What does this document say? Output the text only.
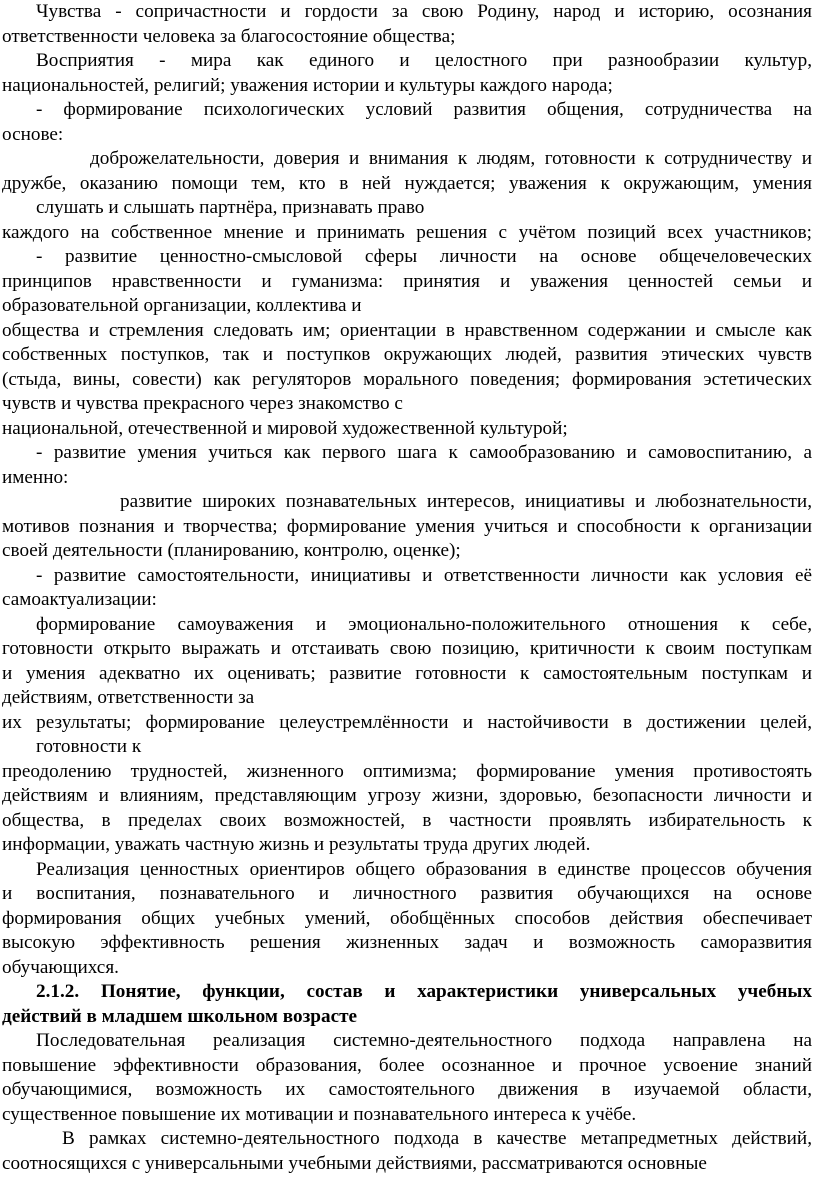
Чувства - сопричастности и гордости за свою Родину, народ и историю, осознания

ответственности человека за благосостояние общества;

Восприятия - мира как единого и целостного при разнообразии культур,

национальностей, религий; уважения истории и культуры каждого народа;

- формирование психологических условий развития общения, сотрудничества на

основе:

доброжелательности, доверия и внимания к людям, готовности к сотрудничеству и

дружбе, оказанию помощи тем, кто в ней нуждается; уважения к окружающим, умения

слушать и слышать партнёра, признавать право

каждого на собственное мнение и принимать решения с учётом позиций всех участников;

- развитие ценностно-смысловой сферы личности на основе общечеловеческих

принципов нравственности и гуманизма: принятия и уважения ценностей семьи и

образовательной организации, коллектива и

общества и стремления следовать им; ориентации в нравственном содержании и смысле как

собственных поступков, так и поступков окружающих людей, развития этических чувств

(стыда, вины, совести) как регуляторов морального поведения; формирования эстетических

чувств и чувства прекрасного через знакомство с

национальной, отечественной и мировой художественной культурой;

- развитие умения учиться как первого шага к самообразованию и самовоспитанию, а

именно:

развитие широких познавательных интересов, инициативы и любознательности,

мотивов познания и творчества; формирование умения учиться и способности к организации

своей деятельности (планированию, контролю, оценке);

- развитие самостоятельности, инициативы и ответственности личности как условия её

самоактуализации:

формирование самоуважения и эмоционально-положительного отношения к себе,

готовности открыто выражать и отстаивать свою позицию, критичности к своим поступкам

и умения адекватно их оценивать; развитие готовности к самостоятельным поступкам и

действиям, ответственности за

их результаты; формирование целеустремлённости и настойчивости в достижении целей,

готовности к

преодолению трудностей, жизненного оптимизма; формирование умения противостоять

действиям и влияниям, представляющим угрозу жизни, здоровью, безопасности личности и

общества, в пределах своих возможностей, в частности проявлять избирательность к

информации, уважать частную жизнь и результаты труда других людей.

Реализация ценностных ориентиров общего образования в единстве процессов обучения

и воспитания, познавательного и личностного развития обучающихся на основе

формирования общих учебных умений, обобщённых способов действия обеспечивает

высокую эффективность решения жизненных задач и возможность саморазвития

обучающихся.

2.1.2. Понятие, функции, состав и характеристики универсальных учебных

действий в младшем школьном возрасте

Последовательная реализация системно-деятельностного подхода направлена на

повышение эффективности образования, более осознанное и прочное усвоение знаний

обучающимися, возможность их самостоятельного движения в изучаемой области,

существенное повышение их мотивации и познавательного интереса к учёбе.

В рамках системно-деятельностного подхода в качестве метапредметных действий,

соотносящихся с универсальными учебными действиями, рассматриваются основные
